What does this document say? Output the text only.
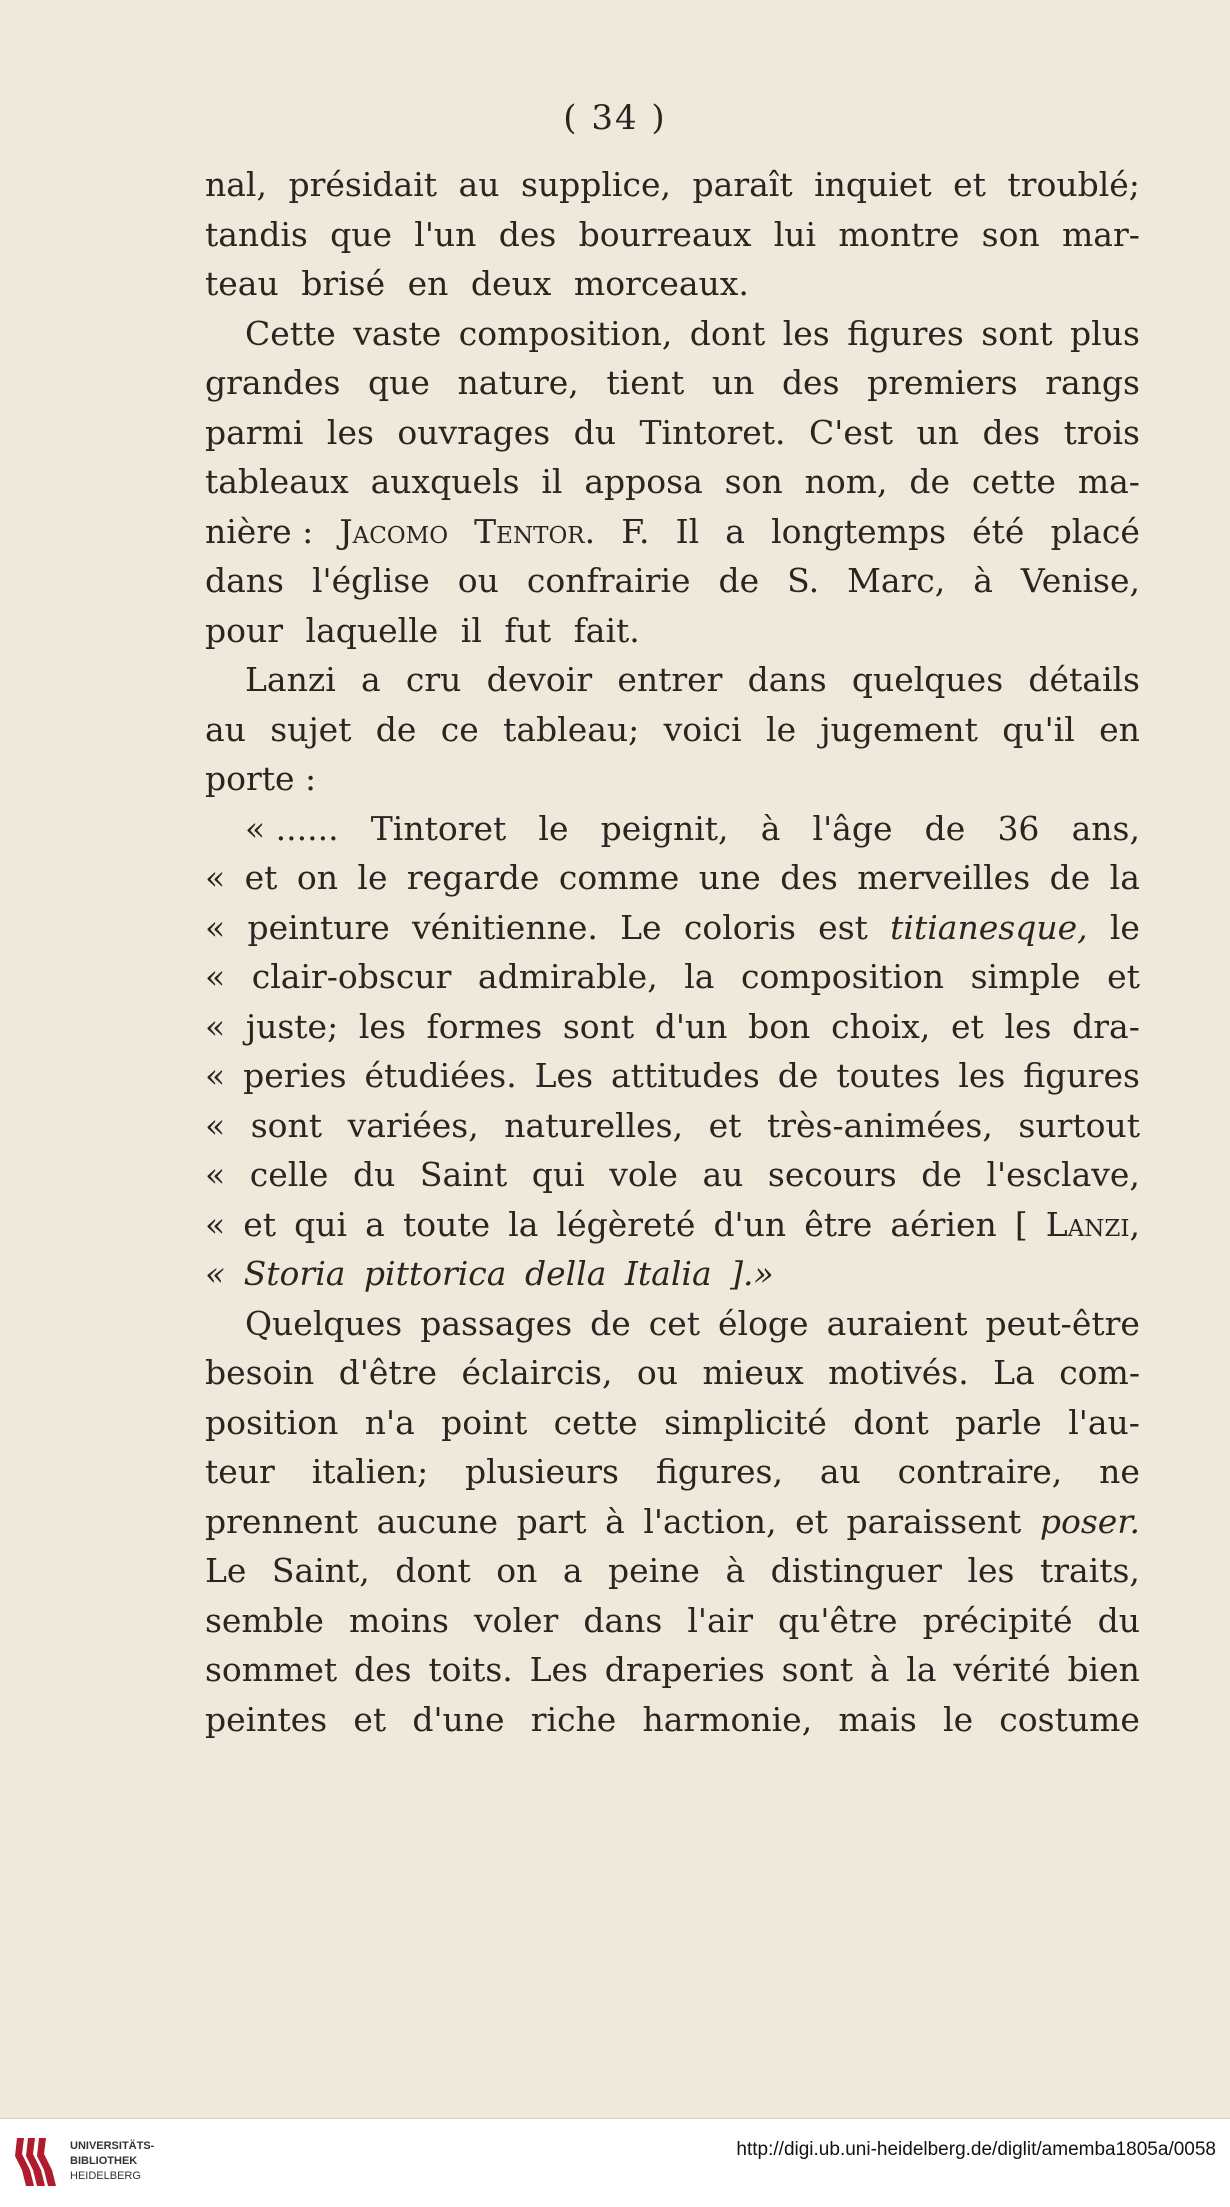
( 34 )
nal, présidait au supplice, paraît inquiet et troublé;
tandis que l'un des bourreaux lui montre son mar-
teau brisé en deux morceaux.
Cette vaste composition, dont les figures sont plus
grandes que nature, tient un des premiers rangs
parmi les ouvrages du Tintoret. C'est un des trois
tableaux auxquels il apposa son nom, de cette ma-
nière : Jacomo Tentor. F. Il a longtemps été placé
dans l'église ou confrairie de S. Marc, à Venise,
pour laquelle il fut fait.
Lanzi a cru devoir entrer dans quelques détails
au sujet de ce tableau; voici le jugement qu'il en
porte :
« ...... Tintoret le peignit, à l'âge de 36 ans,
« et on le regarde comme une des merveilles de la
« peinture vénitienne. Le coloris est titianesque, le
« clair-obscur admirable, la composition simple et
« juste; les formes sont d'un bon choix, et les dra-
« peries étudiées. Les attitudes de toutes les figures
« sont variées, naturelles, et très-animées, surtout
« celle du Saint qui vole au secours de l'esclave,
« et qui a toute la légèreté d'un être aérien [ Lanzi,
« Storia pittorica della Italia ].»
Quelques passages de cet éloge auraient peut-être
besoin d'être éclaircis, ou mieux motivés. La com-
position n'a point cette simplicité dont parle l'au-
teur italien; plusieurs figures, au contraire, ne
prennent aucune part à l'action, et paraissent poser.
Le Saint, dont on a peine à distinguer les traits,
semble moins voler dans l'air qu'être précipité du
sommet des toits. Les draperies sont à la vérité bien
peintes et d'une riche harmonie, mais le costume
UNIVERSITÄTS-
BIBLIOTHEK
HEIDELBERG
http://digi.ub.uni-heidelberg.de/diglit/amemba1805a/0058
